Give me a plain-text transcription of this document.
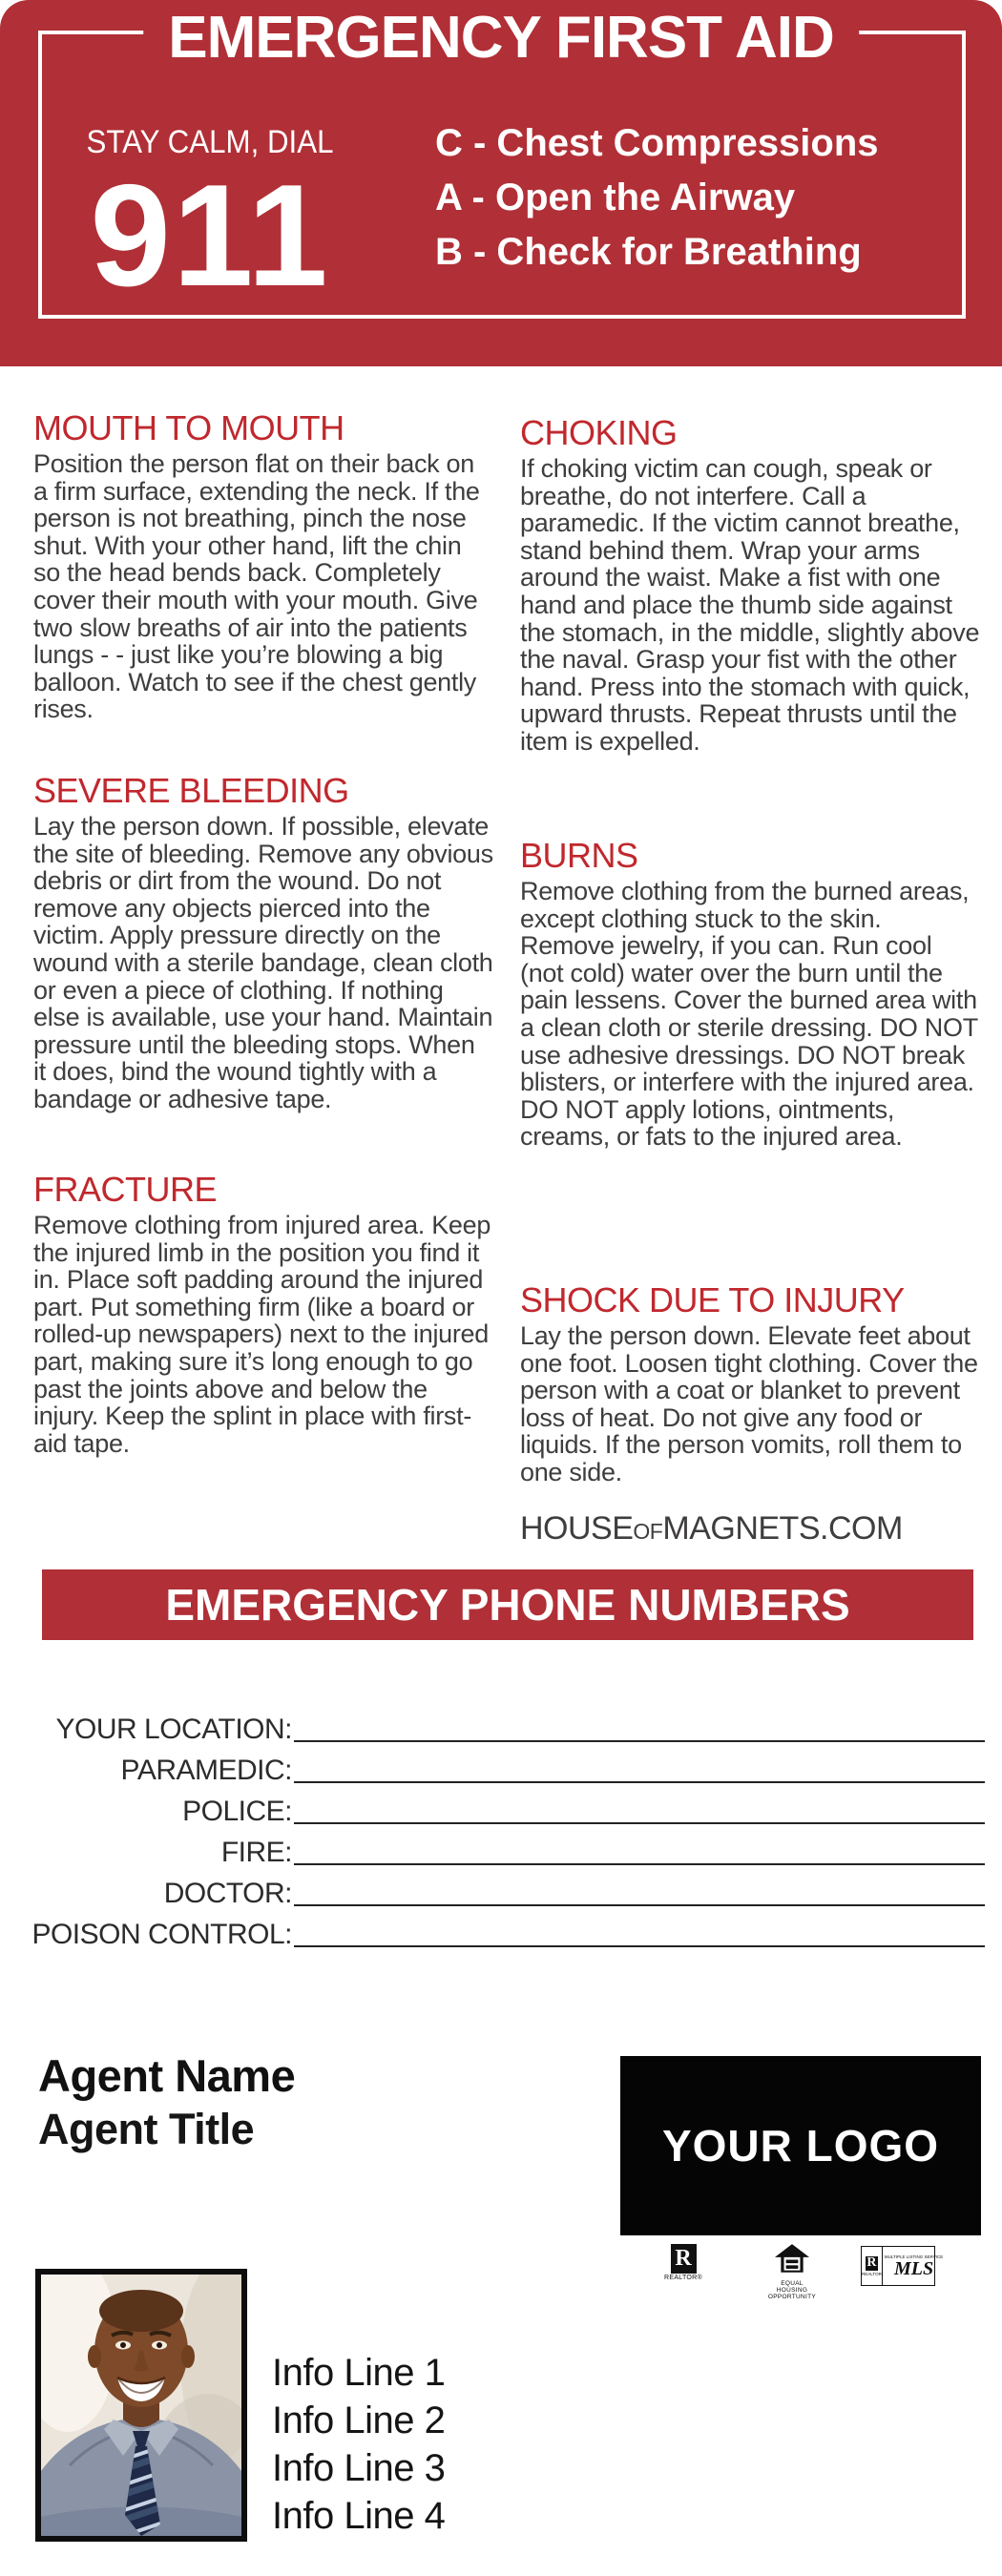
EMERGENCY FIRST AID
STAY CALM, DIAL
911
C - Chest Compressions
A - Open the Airway
B - Check for Breathing
MOUTH TO MOUTH

Position the person flat on their back on a firm surface, extending the neck. If the person is not breathing, pinch the nose shut. With your other hand, lift the chin so the head bends back. Completely cover their mouth with your mouth. Give two slow breaths of air into the patients lungs - - just like you’re blowing a big balloon. Watch to see if the chest gently rises.

SEVERE BLEEDING

Lay the person down. If possible, elevate the site of bleeding. Remove any obvious debris or dirt from the wound. Do not remove any objects pierced into the victim. Apply pressure directly on the wound with a sterile bandage, clean cloth or even a piece of clothing. If nothing else is available, use your hand. Maintain pressure until the bleeding stops. When it does, bind the wound tightly with a bandage or adhesive tape.

FRACTURE

Remove clothing from injured area. Keep the injured limb in the position you find it in. Place soft padding around the injured part. Put something firm (like a board or rolled-up newspapers) next to the injured part, making sure it’s long enough to go past the joints above and below the injury. Keep the splint in place with first-aid tape.

CHOKING

If choking victim can cough, speak or breathe, do not interfere. Call a paramedic. If the victim cannot breathe, stand behind them. Wrap your arms around the waist. Make a fist with one hand and place the thumb side against the stomach, in the middle, slightly above the naval. Grasp your fist with the other hand. Press into the stomach with quick, upward thrusts. Repeat thrusts until the item is expelled.

BURNS

Remove clothing from the burned areas, except clothing stuck to the skin. Remove jewelry, if you can. Run cool (not cold) water over the burn until the pain lessens. Cover the burned area with a clean cloth or sterile dressing. DO NOT use adhesive dressings. DO NOT break blisters, or interfere with the injured area. DO NOT apply lotions, ointments, creams, or fats to the injured area.

SHOCK DUE TO INJURY

Lay the person down. Elevate feet about one foot. Loosen tight clothing. Cover the person with a coat or blanket to prevent loss of heat. Do not give any food or liquids. If the person vomits, roll them to one side.

HOUSEOFMAGNETS.COM
EMERGENCY PHONE NUMBERS
YOUR LOCATION:
PARAMEDIC:
POLICE:
FIRE:
DOCTOR:
POISON CONTROL:
Agent Name
Agent Title	YOUR LOGO
R
REALTOR®
EQUAL HOUSING OPPORTUNITY
R
REALTOR
MULTIPLE LISTING SERVICE
MLS
Info Line 1
Info Line 2
Info Line 3
Info Line 4
